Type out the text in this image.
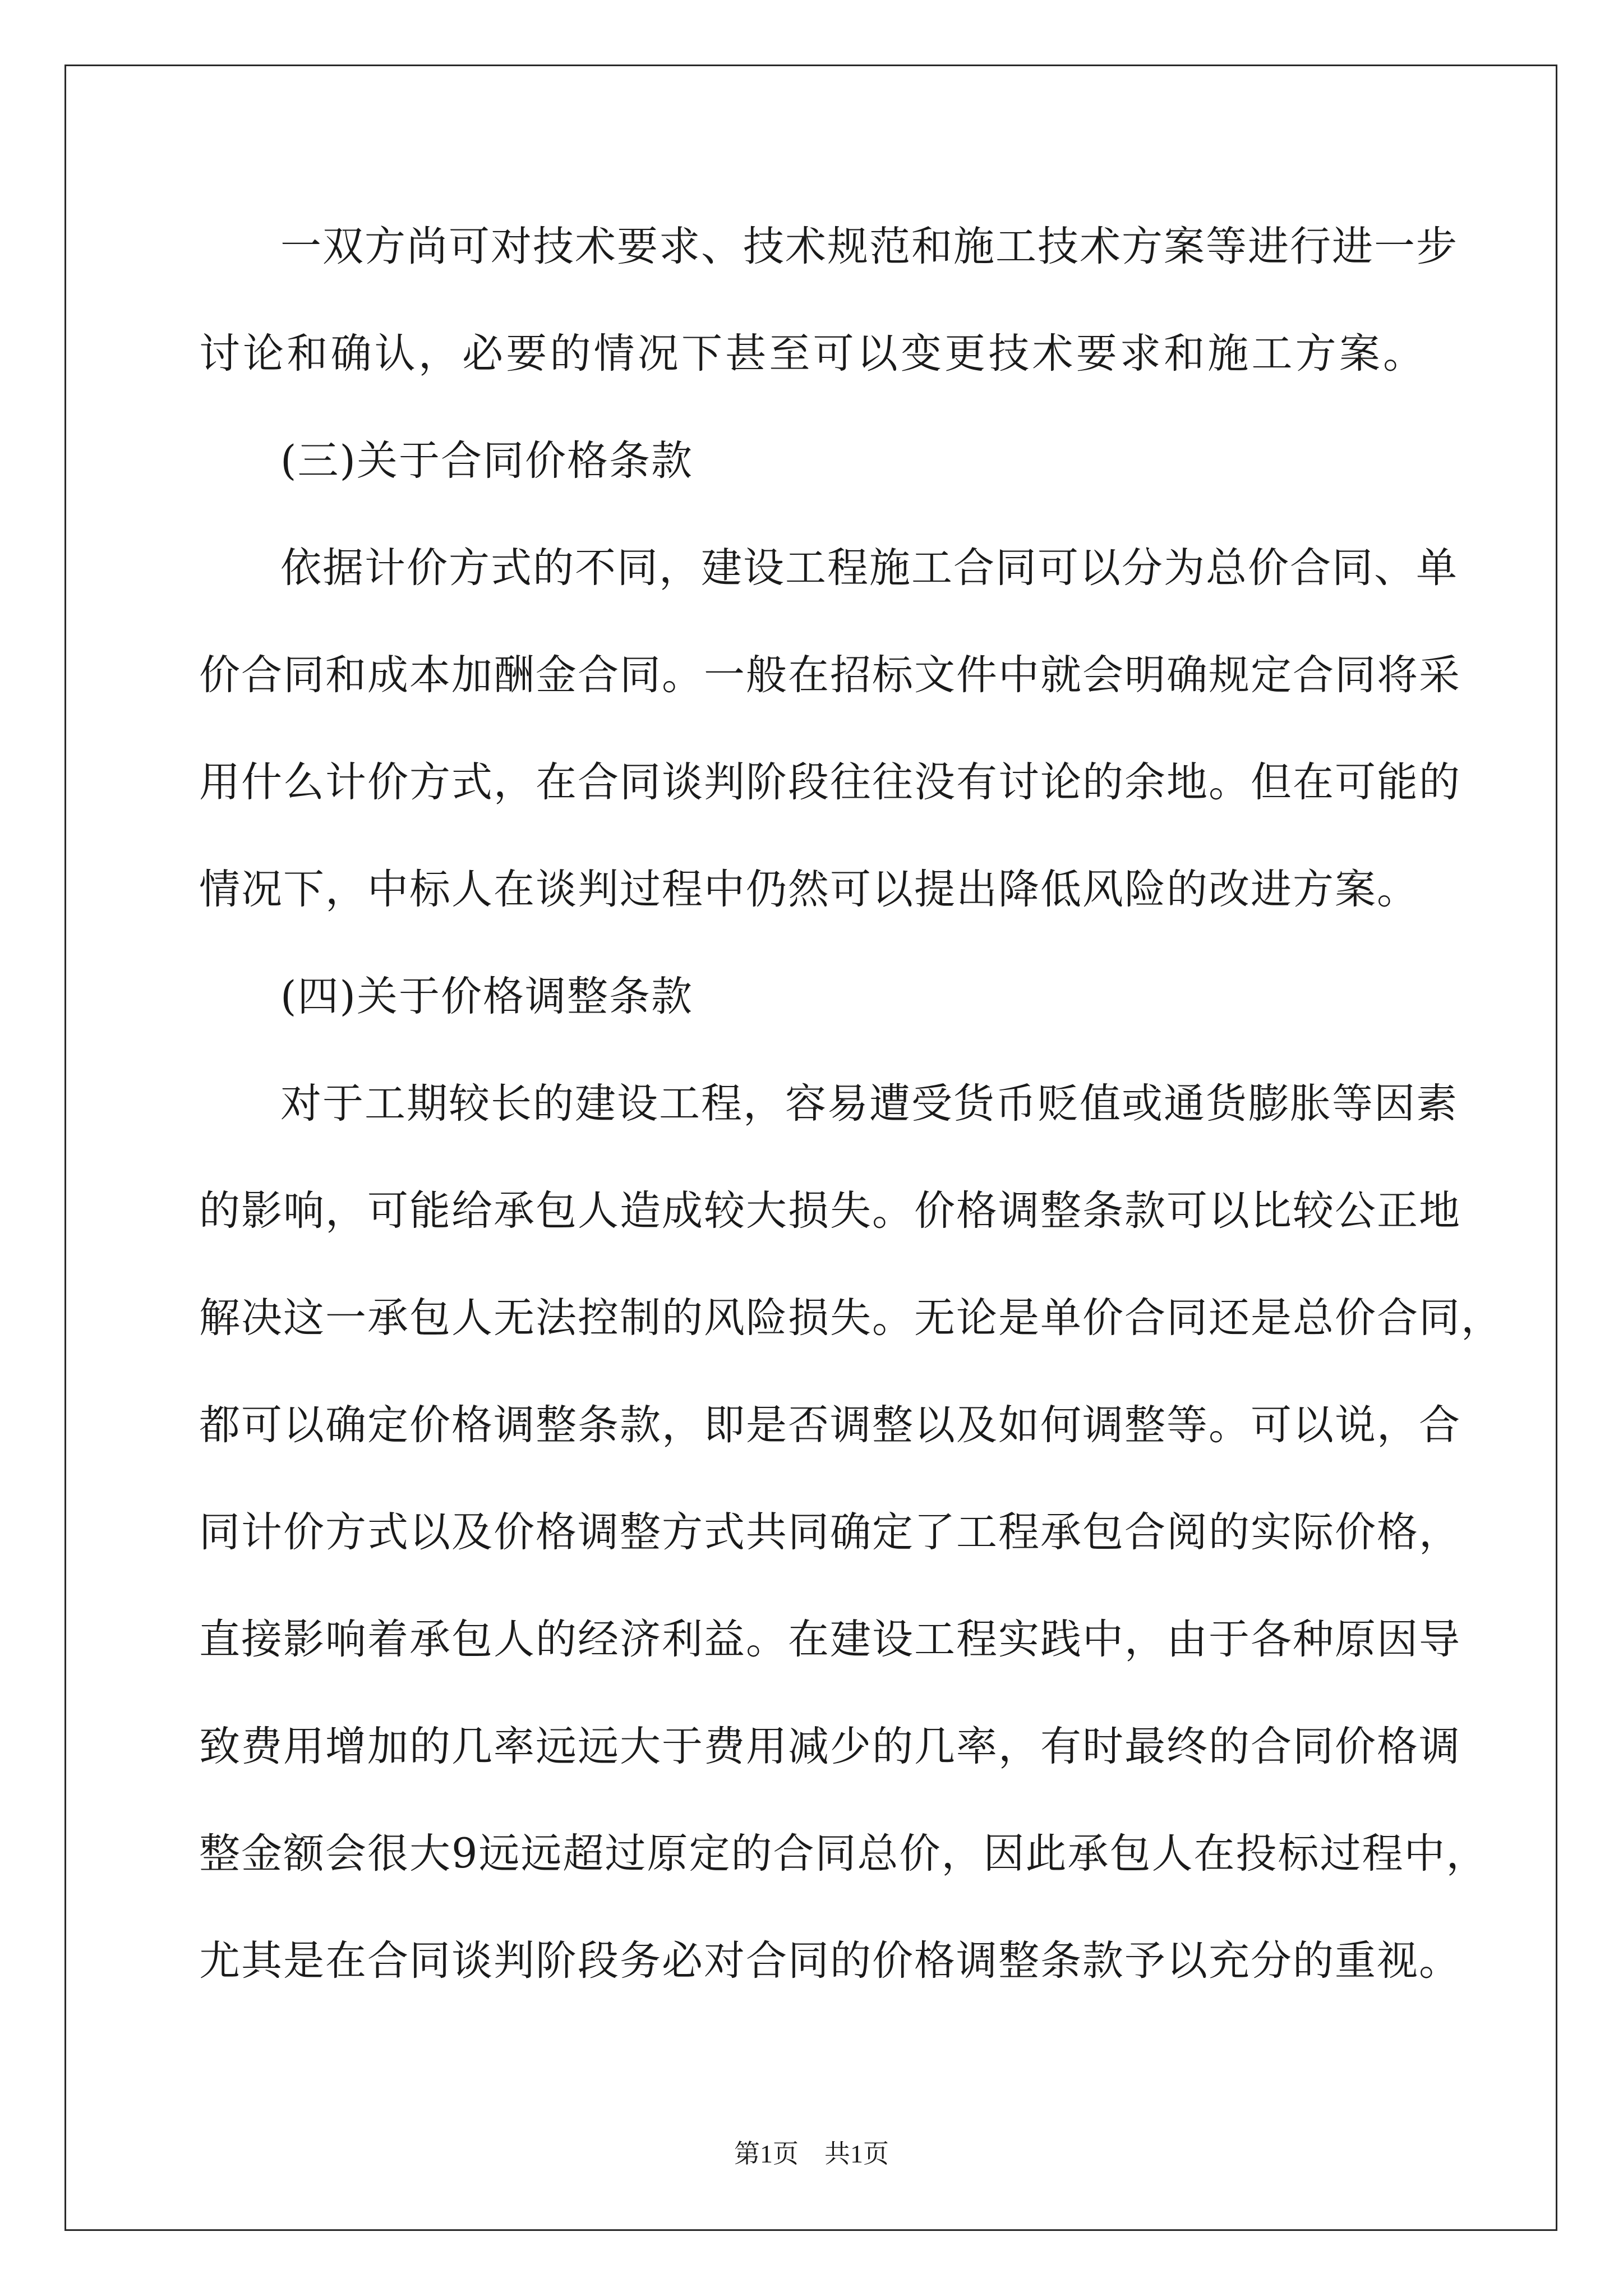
一双方尚可对技术要求、技术规范和施工技术方案等进行进一步
讨论和确认，必要的情况下甚至可以变更技术要求和施工方案。
(三)关于合同价格条款
依据计价方式的不同，建设工程施工合同可以分为总价合同、单
价合同和成本加酬金合同。一般在招标文件中就会明确规定合同将采
用什么计价方式，在合同谈判阶段往往没有讨论的余地。但在可能的
情况下，中标人在谈判过程中仍然可以提出降低风险的改进方案。
(四)关于价格调整条款
对于工期较长的建设工程，容易遭受货币贬值或通货膨胀等因素
的影响，可能给承包人造成较大损失。价格调整条款可以比较公正地
解决这一承包人无法控制的风险损失。无论是单价合同还是总价合同，
都可以确定价格调整条款，即是否调整以及如何调整等。可以说，合
同计价方式以及价格调整方式共同确定了工程承包合阅的实际价格，
直接影响着承包人的经济利益。在建设工程实践中，由于各种原因导
致费用增加的几率远远大于费用减少的几率，有时最终的合同价格调
整金额会很大9远远超过原定的合同总价，因此承包人在投标过程中，
尤其是在合同谈判阶段务必对合同的价格调整条款予以充分的重视。
第1页　共1页
